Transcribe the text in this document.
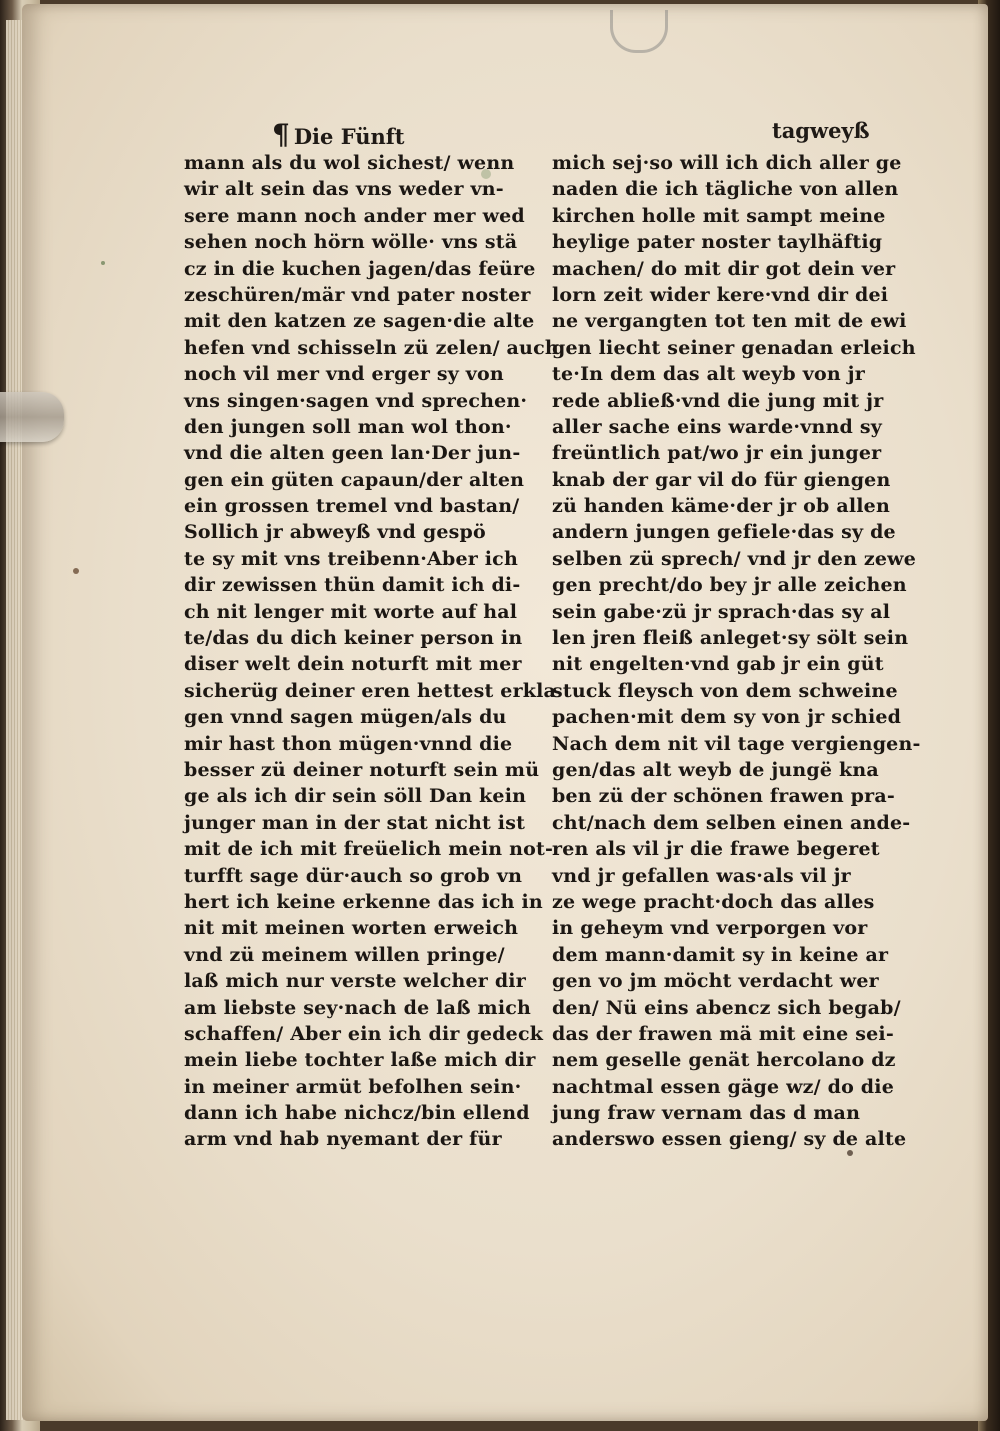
¶ Die Fünft	tagweyß
mann als du wol sichest/ wenn
wir alt sein das vns weder vn-
sere mann noch ander mer wed
sehen noch hörn wölle· vns stä
cz in die kuchen jagen/das feüre
zeschüren/mär vnd pater noster
mit den katzen ze sagen·die alte
hefen vnd schisseln zü zelen/ auch
noch vil mer vnd erger sy von
vns singen·sagen vnd sprechen·
den jungen soll man wol thon·
vnd die alten geen lan·Der jun-
gen ein güten capaun/der alten
ein grossen tremel vnd bastan/
Sollich jr abweyß vnd gespö
te sy mit vns treibenn·Aber ich
dir zewissen thün damit ich di-
ch nit lenger mit worte auf hal
te/das du dich keiner person in
diser welt dein noturft mit mer
sicherüg deiner eren hettest erkla
gen vnnd sagen mügen/als du
mir hast thon mügen·vnnd die
besser zü deiner noturft sein mü
ge als ich dir sein söll Dan kein
junger man in der stat nicht ist
mit de ich mit freüelich mein not-
turfft sage dür·auch so grob vn
hert ich keine erkenne das ich in
nit mit meinen worten erweich
vnd zü meinem willen pringe/
laß mich nur verste welcher dir
am liebste sey·nach de laß mich
schaffen/ Aber ein ich dir gedeck
mein liebe tochter laße mich dir
in meiner armüt befolhen sein·
dann ich habe nichcz/bin ellend
arm vnd hab nyemant der für
mich sej·so will ich dich aller ge
naden die ich tägliche von allen
kirchen holle mit sampt meine
heylige pater noster taylhäftig
machen/ do mit dir got dein ver
lorn zeit wider kere·vnd dir dei
ne vergangten tot ten mit de ewi
gen liecht seiner genadan erleich
te·In dem das alt weyb von jr
rede abließ·vnd die jung mit jr
aller sache eins warde·vnnd sy
freüntlich pat/wo jr ein junger
knab der gar vil do für giengen
zü handen käme·der jr ob allen
andern jungen gefiele·das sy de
selben zü sprech/ vnd jr den zewe
gen precht/do bey jr alle zeichen
sein gabe·zü jr sprach·das sy al
len jren fleiß anleget·sy sölt sein
nit engelten·vnd gab jr ein güt
stuck fleysch von dem schweine
pachen·mit dem sy von jr schied
Nach dem nit vil tage vergiengen-
gen/das alt weyb de jungë kna
ben zü der schönen frawen pra-
cht/nach dem selben einen ande-
ren als vil jr die frawe begeret
vnd jr gefallen was·als vil jr
ze wege pracht·doch das alles
in geheym vnd verporgen vor
dem mann·damit sy in keine ar
gen vo jm möcht verdacht wer
den/ Nü eins abencz sich begab/
das der frawen mä mit eine sei-
nem geselle genät hercolano dz
nachtmal essen gäge wz/ do die
jung fraw vernam das d man
anderswo essen gieng/ sy de alte
